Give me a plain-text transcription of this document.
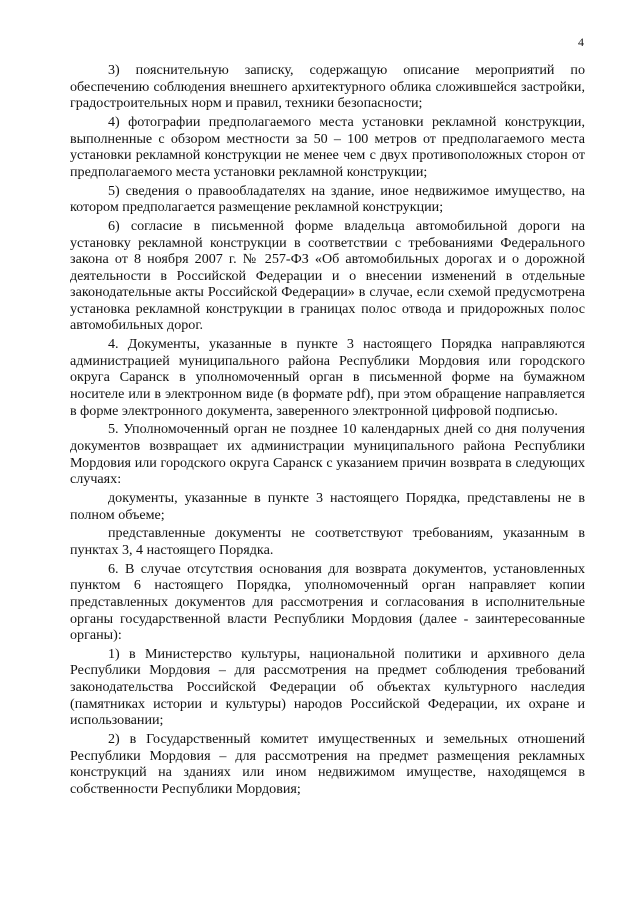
4

3) пояснительную записку, содержащую описание мероприятий по обеспечению соблюдения внешнего архитектурного облика сложившейся застройки, градостроительных норм и правил, техники безопасности;

4) фотографии предполагаемого места установки рекламной конструкции, выполненные с обзором местности за 50 – 100 метров от предполагаемого места установки рекламной конструкции не менее чем с двух противоположных сторон от предполагаемого места установки рекламной конструкции;

5) сведения о правообладателях на здание, иное недвижимое имущество, на котором предполагается размещение рекламной конструкции;

6) согласие в письменной форме владельца автомобильной дороги на установку рекламной конструкции в соответствии с требованиями Федерального закона от 8 ноября 2007 г. № 257-ФЗ «Об автомобильных дорогах и о дорожной деятельности в Российской Федерации и о внесении изменений в отдельные законодательные акты Российской Федерации» в случае, если схемой предусмотрена установка рекламной конструкции в границах полос отвода и придорожных полос автомобильных дорог.

4. Документы, указанные в пункте 3 настоящего Порядка направляются администрацией муниципального района Республики Мордовия или городского округа Саранск в уполномоченный орган в письменной форме на бумажном носителе или в электронном виде (в формате pdf), при этом обращение направляется в форме электронного документа, заверенного электронной цифровой подписью.

5. Уполномоченный орган не позднее 10 календарных дней со дня получения документов возвращает их администрации муниципального района Республики Мордовия или городского округа Саранск с указанием причин возврата в следующих случаях:

документы, указанные в пункте 3 настоящего Порядка, представлены не в полном объеме;

представленные документы не соответствуют требованиям, указанным в пунктах 3, 4 настоящего Порядка.

6. В случае отсутствия основания для возврата документов, установленных пунктом 6 настоящего Порядка, уполномоченный орган направляет копии представленных документов для рассмотрения и согласования в исполнительные органы государственной власти Республики Мордовия (далее - заинтересованные органы):

1) в Министерство культуры, национальной политики и архивного дела Республики Мордовия – для рассмотрения на предмет соблюдения требований законодательства Российской Федерации об объектах культурного наследия (памятниках истории и культуры) народов Российской Федерации, их охране и использовании;

2) в Государственный комитет имущественных и земельных отношений Республики Мордовия – для рассмотрения на предмет размещения рекламных конструкций на зданиях или ином недвижимом имуществе, находящемся в собственности Республики Мордовия;
